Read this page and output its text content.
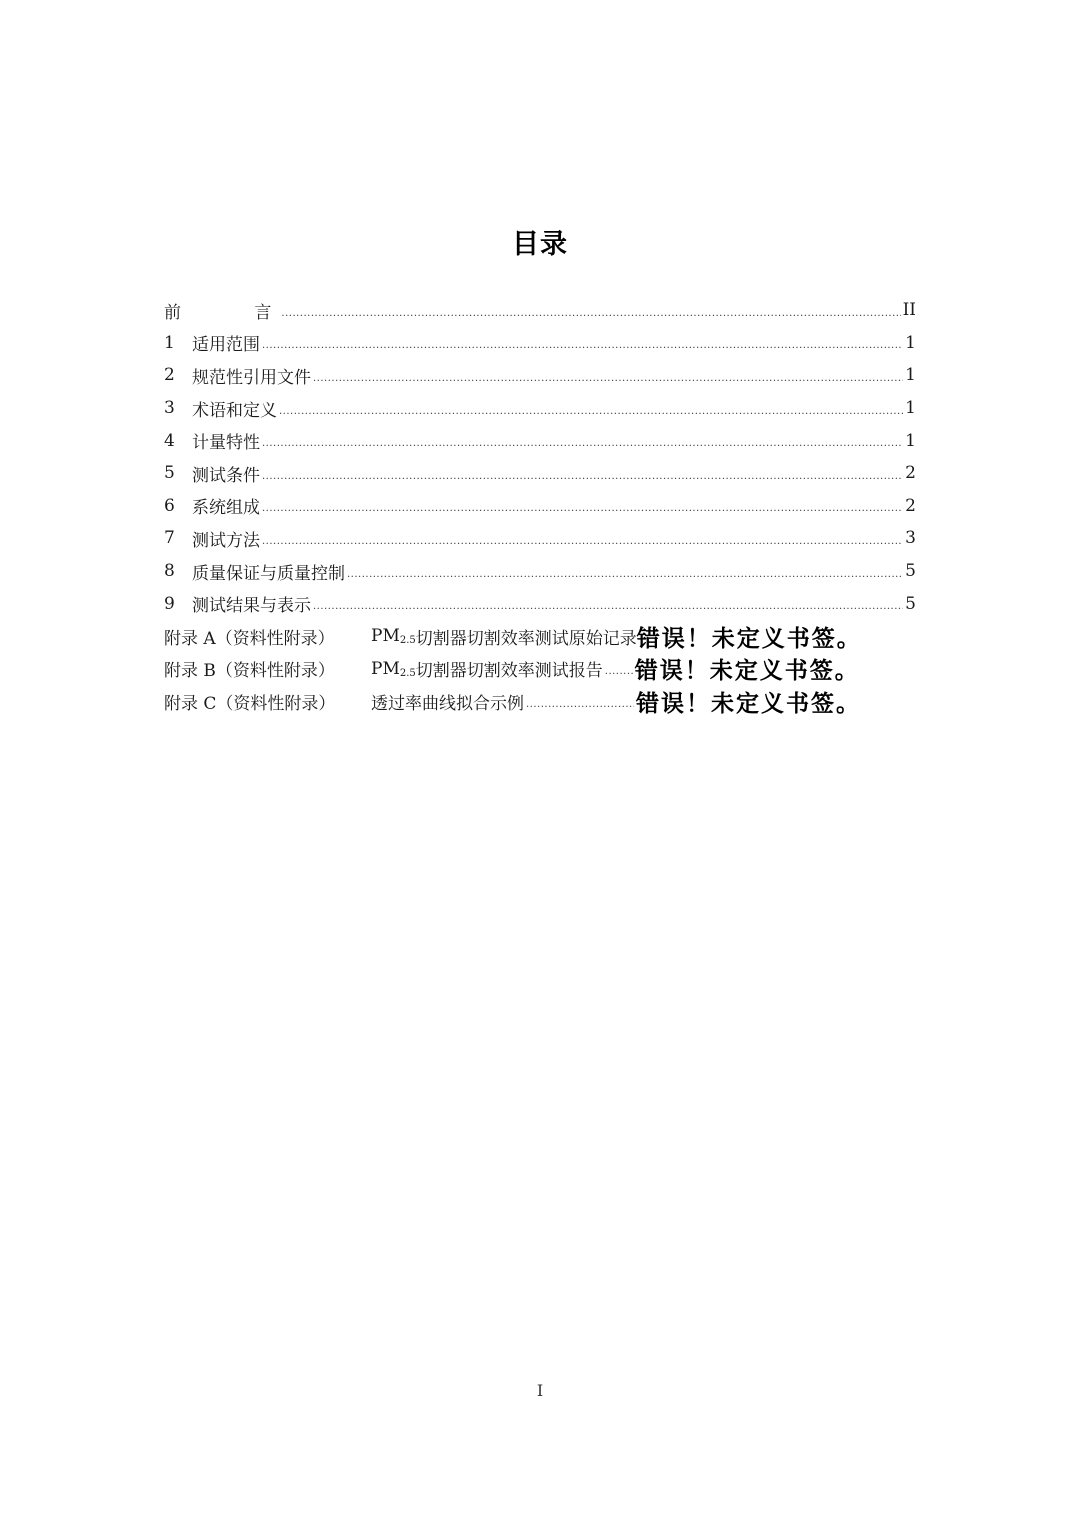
目录
前 言 .....	II
1	适用范围 .....	1
2	规范性引用文件 .....	1
3	术语和定义 .....	1
4	计量特性 .....	1
5	测试条件 .....	2
6	系统组成 .....	2
7	测试方法 .....	3
8	质量保证与质量控制 .....	5
9	测试结果与表示 .....	5
附录 A（资料性附录）	$PM_{2.5}$ 切割器切割效率测试原始记录 错误！未定义书签。
附录 B（资料性附录）	$PM_{2.5}$ 切割器切割效率测试报告 ..... 错误！未定义书签。
附录 C（资料性附录）	透过率曲线拟合示例 .....	错误！未定义书签。
I
